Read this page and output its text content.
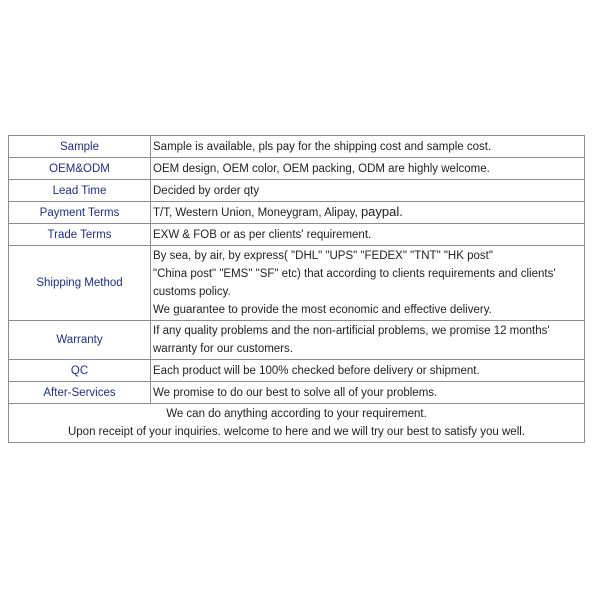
Sample	Sample is available, pls pay for the shipping cost and sample cost.
OEM&ODM	OEM design, OEM color, OEM packing, ODM are highly welcome.
Lead Time	Decided by order qty
Payment Terms	T/T, Western Union, Moneygram, Alipay, paypal.
Trade Terms	EXW & FOB or as per clients' requirement.
Shipping Method	By sea, by air, by express( "DHL" "UPS" "FEDEX" "TNT" "HK post"
"China post" "EMS" "SF" etc) that according to clients requirements and clients'
customs policy.
We guarantee to provide the most economic and effective delivery.

Warranty	If any quality problems and the non-artificial problems, we promise 12 months'
warranty for our customers.

QC	Each product will be 100% checked before delivery or shipment.
After-Services	We promise to do our best to solve all of your problems.

We can do anything according to your requirement.
Upon receipt of your inquiries. welcome to here and we will try our best to satisfy you well.	
